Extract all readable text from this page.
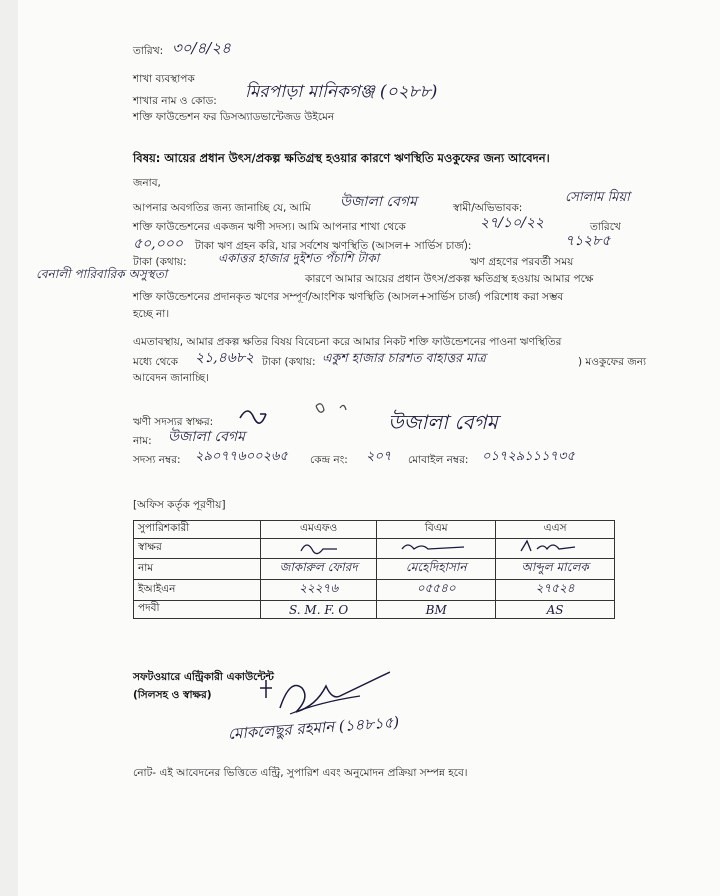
তারিখ: ৩০/৪/২৪
শাখা ব্যবস্থাপক
শাখার নাম ও কোড: মিরপাড়া মানিকগঞ্জ (০২৮৮)
শক্তি ফাউন্ডেশন ফর ডিসঅ্যাডভান্টেজড উইমেন
বিষয়: আয়ের প্রধান উৎস/প্রকল্প ক্ষতিগ্রস্থ হওয়ার কারণে ঋণস্থিতি মওকুফের জন্য আবেদন।
জনাব,
আপনার অবগতির জন্য জানাচ্ছি যে, আমি উজালা বেগম	স্বামী/অভিভাবক:
সোলাম মিয়া
শক্তি ফাউন্ডেশনের একজন ঋণী সদস্য। আমি আপনার শাখা থেকে	২৭/১০/২২	তারিখে
৫০,০০০ টাকা ঋণ গ্রহন করি, যার সর্বশেষ ঋণস্থিতি (আসল+ সার্ভিস চার্জ):	৭১২৮৫
টাকা (কথায়:	একাত্তর হাজার দুইশত পঁচাশি টাকা	ঋণ গ্রহণের পরবর্তী সময়
বেনালী পারিবারিক অসুস্থতা	কারণে আমার আয়ের প্রধান উৎস/প্রকল্প ক্ষতিগ্রস্থ হওয়ায় আমার পক্ষে
শক্তি ফাউন্ডেশনের প্রদানকৃত ঋণের সম্পূর্ণ/আংশিক ঋণস্থিতি (আসল+সার্ভিস চার্জ) পরিশোধ করা সম্ভব
হচ্ছে না।
এমতাবস্থায়, আমার প্রকল্প ক্ষতির বিষয় বিবেচনা করে আমার নিকট শক্তি ফাউন্ডেশনের পাওনা ঋণস্থিতির
মধ্যে থেকে ২১,৪৬৮২ টাকা (কথায়: একুশ হাজার চারশত বাহাত্তর মাত্র	) মওকুফের জন্য
আবেদন জানাচ্ছি।
ঋণী সদস্যর স্বাক্ষর:	উজালা বেগম
নাম: উজালা বেগম
সদস্য নম্বর: ২৯০৭৭৬০০২৬৫ কেন্দ্র নং: ২০৭ মোবাইল নম্বর: ০১৭২৯১১১৭৩৫
[অফিস কর্তৃক পূরণীয়]
সুপারিশকারী	এমএফও	বিএম	এএস
স্বাক্ষর			
নাম	জাকারুল ফোরদ	মেহেদিহাসান	আব্দুল মালেক
ইআইএন	২২২৭৬	০৫৫৪০	২৭৫২৪
পদবী	S. M. F. O	BM	AS
সফটওয়ারে এন্ট্রিকারী একাউন্টেন্ট
(সিলসহ ও স্বাক্ষর)
মোকলেছুর রহমান (১৪৮১৫)
নোট- এই আবেদনের ভিত্তিতে এন্ট্রি, সুপারিশ এবং অনুমোদন প্রক্রিয়া সম্পন্ন হবে।
